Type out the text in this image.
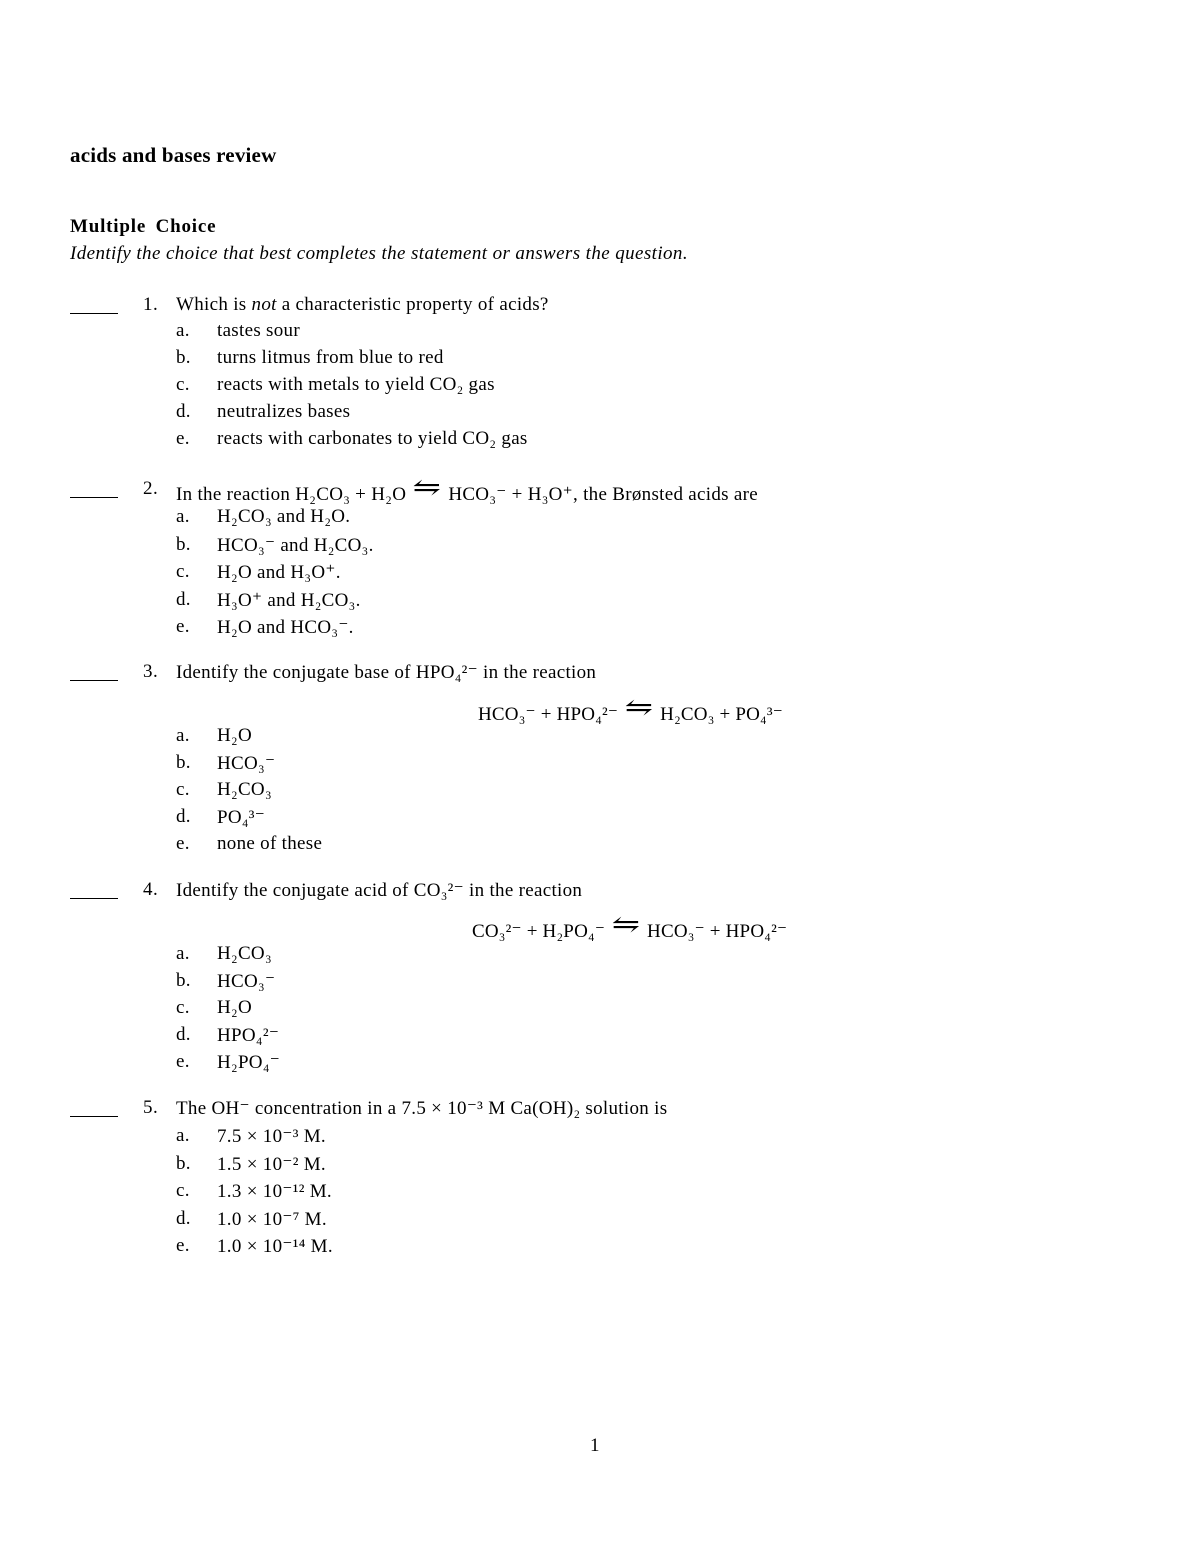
acids and bases review
Multiple Choice
Identify the choice that best completes the statement or answers the question.
1. Which is not a characteristic property of acids?
a. tastes sour
b. turns litmus from blue to red
c. reacts with metals to yield CO₂ gas
d. neutralizes bases
e. reacts with carbonates to yield CO₂ gas
2. In the reaction H₂CO₃ + H₂O ⇋ HCO₃⁻ + H₃O⁺, the Brønsted acids are
a. H₂CO₃ and H₂O.
b. HCO₃⁻ and H₂CO₃.
c. H₂O and H₃O⁺.
d. H₃O⁺ and H₂CO₃.
e. H₂O and HCO₃⁻.
3. Identify the conjugate base of HPO₄²⁻ in the reaction
HCO₃⁻ + HPO₄²⁻ ⇋ H₂CO₃ + PO₄³⁻
a. H₂O
b. HCO₃⁻
c. H₂CO₃
d. PO₄³⁻
e. none of these
4. Identify the conjugate acid of CO₃²⁻ in the reaction
CO₃²⁻ + H₂PO₄⁻ ⇋ HCO₃⁻ + HPO₄²⁻
a. H₂CO₃
b. HCO₃⁻
c. H₂O
d. HPO₄²⁻
e. H₂PO₄⁻
5. The OH⁻ concentration in a 7.5 × 10⁻³ M Ca(OH)₂ solution is
a. 7.5 × 10⁻³ M.
b. 1.5 × 10⁻² M.
c. 1.3 × 10⁻¹² M.
d. 1.0 × 10⁻⁷ M.
e. 1.0 × 10⁻¹⁴ M.
1
